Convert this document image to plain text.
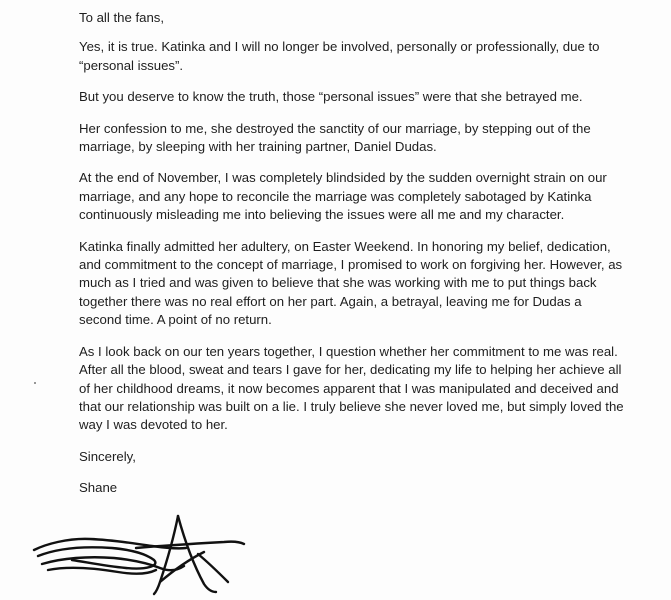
To all the fans,

Yes, it is true. Katinka and I will no longer be involved, personally or professionally, due to “personal issues”.

But you deserve to know the truth, those “personal issues” were that she betrayed me.

Her confession to me, she destroyed the sanctity of our marriage, by stepping out of the marriage, by sleeping with her training partner, Daniel Dudas.

At the end of November, I was completely blindsided by the sudden overnight strain on our marriage, and any hope to reconcile the marriage was completely sabotaged by Katinka continuously misleading me into believing the issues were all me and my character.

Katinka finally admitted her adultery, on Easter Weekend. In honoring my belief, dedication, and commitment to the concept of marriage, I promised to work on forgiving her. However, as much as I tried and was given to believe that she was working with me to put things back together there was no real effort on her part. Again, a betrayal, leaving me for Dudas a second time. A point of no return.

As I look back on our ten years together, I question whether her commitment to me was real. After all the blood, sweat and tears I gave for her, dedicating my life to helping her achieve all of her childhood dreams, it now becomes apparent that I was manipulated and deceived and that our relationship was built on a lie. I truly believe she never loved me, but simply loved the way I was devoted to her.

Sincerely,

Shane
